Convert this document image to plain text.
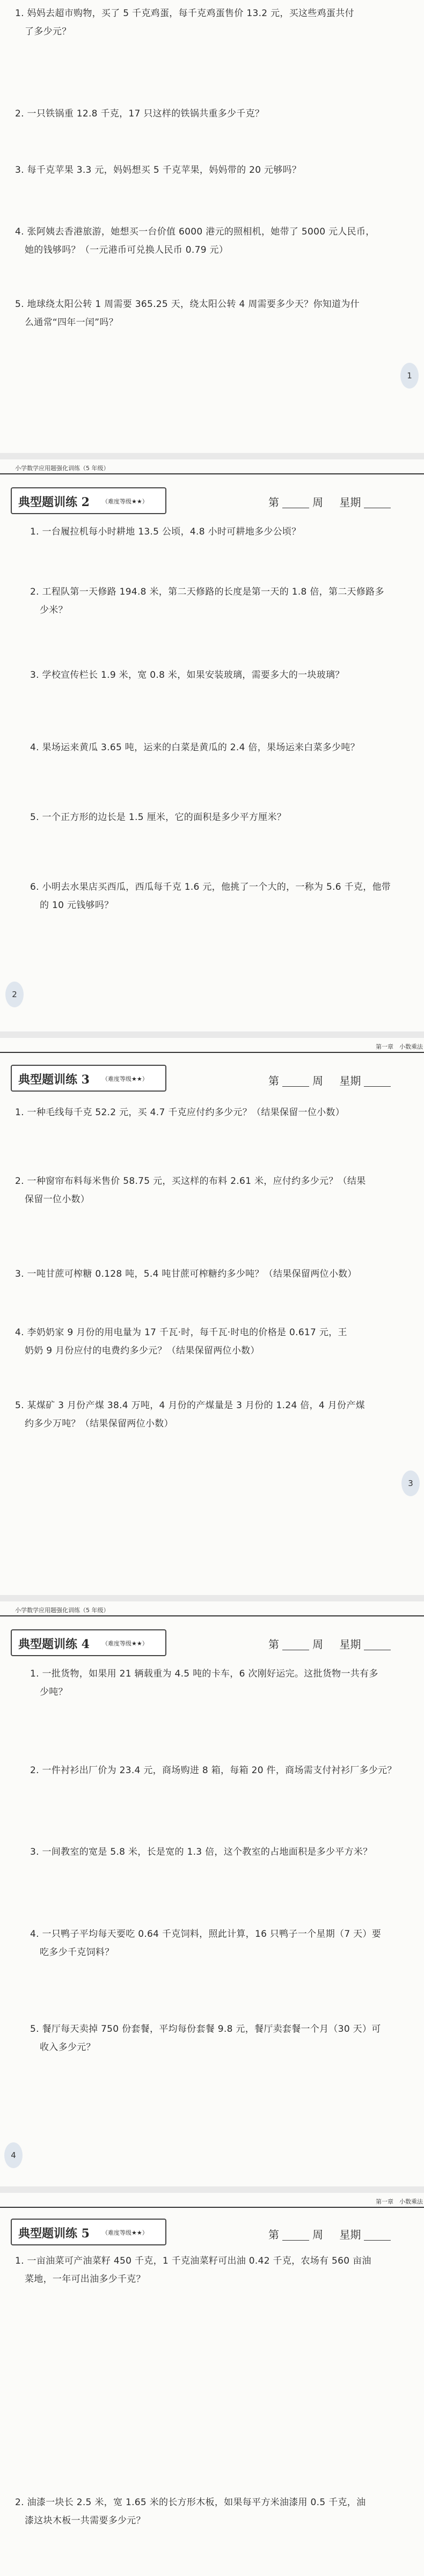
1. 妈妈去超市购物，买了 5 千克鸡蛋，每千克鸡蛋售价 13.2 元，买这些鸡蛋共付
了多少元？
2. 一只铁锅重 12.8 千克，17 只这样的铁锅共重多少千克？
3. 每千克苹果 3.3 元，妈妈想买 5 千克苹果，妈妈带的 20 元够吗？
4. 张阿姨去香港旅游，她想买一台价值 6000 港元的照相机，她带了 5000 元人民币，
她的钱够吗？（一元港币可兑换人民币 0.79 元）
5. 地球绕太阳公转 1 周需要 365.25 天，绕太阳公转 4 周需要多少天？你知道为什
么通常“四年一闰”吗？
1
小学数学应用题强化训练（5 年级）
典型题训练 2 （难度等级★★）	第	周 星期
1. 一台履拉机每小时耕地 13.5 公顷，4.8 小时可耕地多少公顷？
2. 工程队第一天修路 194.8 米，第二天修路的长度是第一天的 1.8 倍，第二天修路多
少米？
3. 学校宣传栏长 1.9 米，宽 0.8 米，如果安装玻璃，需要多大的一块玻璃？
4. 果场运来黄瓜 3.65 吨，运来的白菜是黄瓜的 2.4 倍，果场运来白菜多少吨？
5. 一个正方形的边长是 1.5 厘米，它的面积是多少平方厘米？
6. 小明去水果店买西瓜，西瓜每千克 1.6 元，他挑了一个大的，一称为 5.6 千克，他带
的 10 元钱够吗？
2
第一章　小数乘法
典型题训练 3 （难度等级★★）	第	周 星期
1. 一种毛线每千克 52.2 元，买 4.7 千克应付约多少元？（结果保留一位小数）
2. 一种窗帘布料每米售价 58.75 元，买这样的布料 2.61 米，应付约多少元？（结果
保留一位小数）
3. 一吨甘蔗可榨糖 0.128 吨，5.4 吨甘蔗可榨糖约多少吨？（结果保留两位小数）
4. 李奶奶家 9 月份的用电量为 17 千瓦·时，每千瓦·时电的价格是 0.617 元，王
奶奶 9 月份应付的电费约多少元？（结果保留两位小数）
5. 某煤矿 3 月份产煤 38.4 万吨，4 月份的产煤量是 3 月份的 1.24 倍，4 月份产煤
约多少万吨？（结果保留两位小数）
3
小学数学应用题强化训练（5 年级）
典型题训练 4 （难度等级★★）	第	周 星期
1. 一批货物，如果用 21 辆载重为 4.5 吨的卡车，6 次刚好运完。这批货物一共有多
少吨？
2. 一件衬衫出厂价为 23.4 元，商场购进 8 箱，每箱 20 件，商场需支付衬衫厂多少元？
3. 一间教室的宽是 5.8 米，长是宽的 1.3 倍，这个教室的占地面积是多少平方米？
4. 一只鸭子平均每天要吃 0.64 千克饲料，照此计算，16 只鸭子一个星期（7 天）要
吃多少千克饲料？
5. 餐厅每天卖掉 750 份套餐，平均每份套餐 9.8 元，餐厅卖套餐一个月（30 天）可
收入多少元？
4
第一章　小数乘法
典型题训练 5 （难度等级★★）	第	周 星期
1. 一亩油菜可产油菜籽 450 千克，1 千克油菜籽可出油 0.42 千克，农场有 560 亩油
菜地，一年可出油多少千克？
2. 油漆一块长 2.5 米，宽 1.65 米的长方形木板，如果每平方米油漆用 0.5 千克，油
漆这块木板一共需要多少元？
